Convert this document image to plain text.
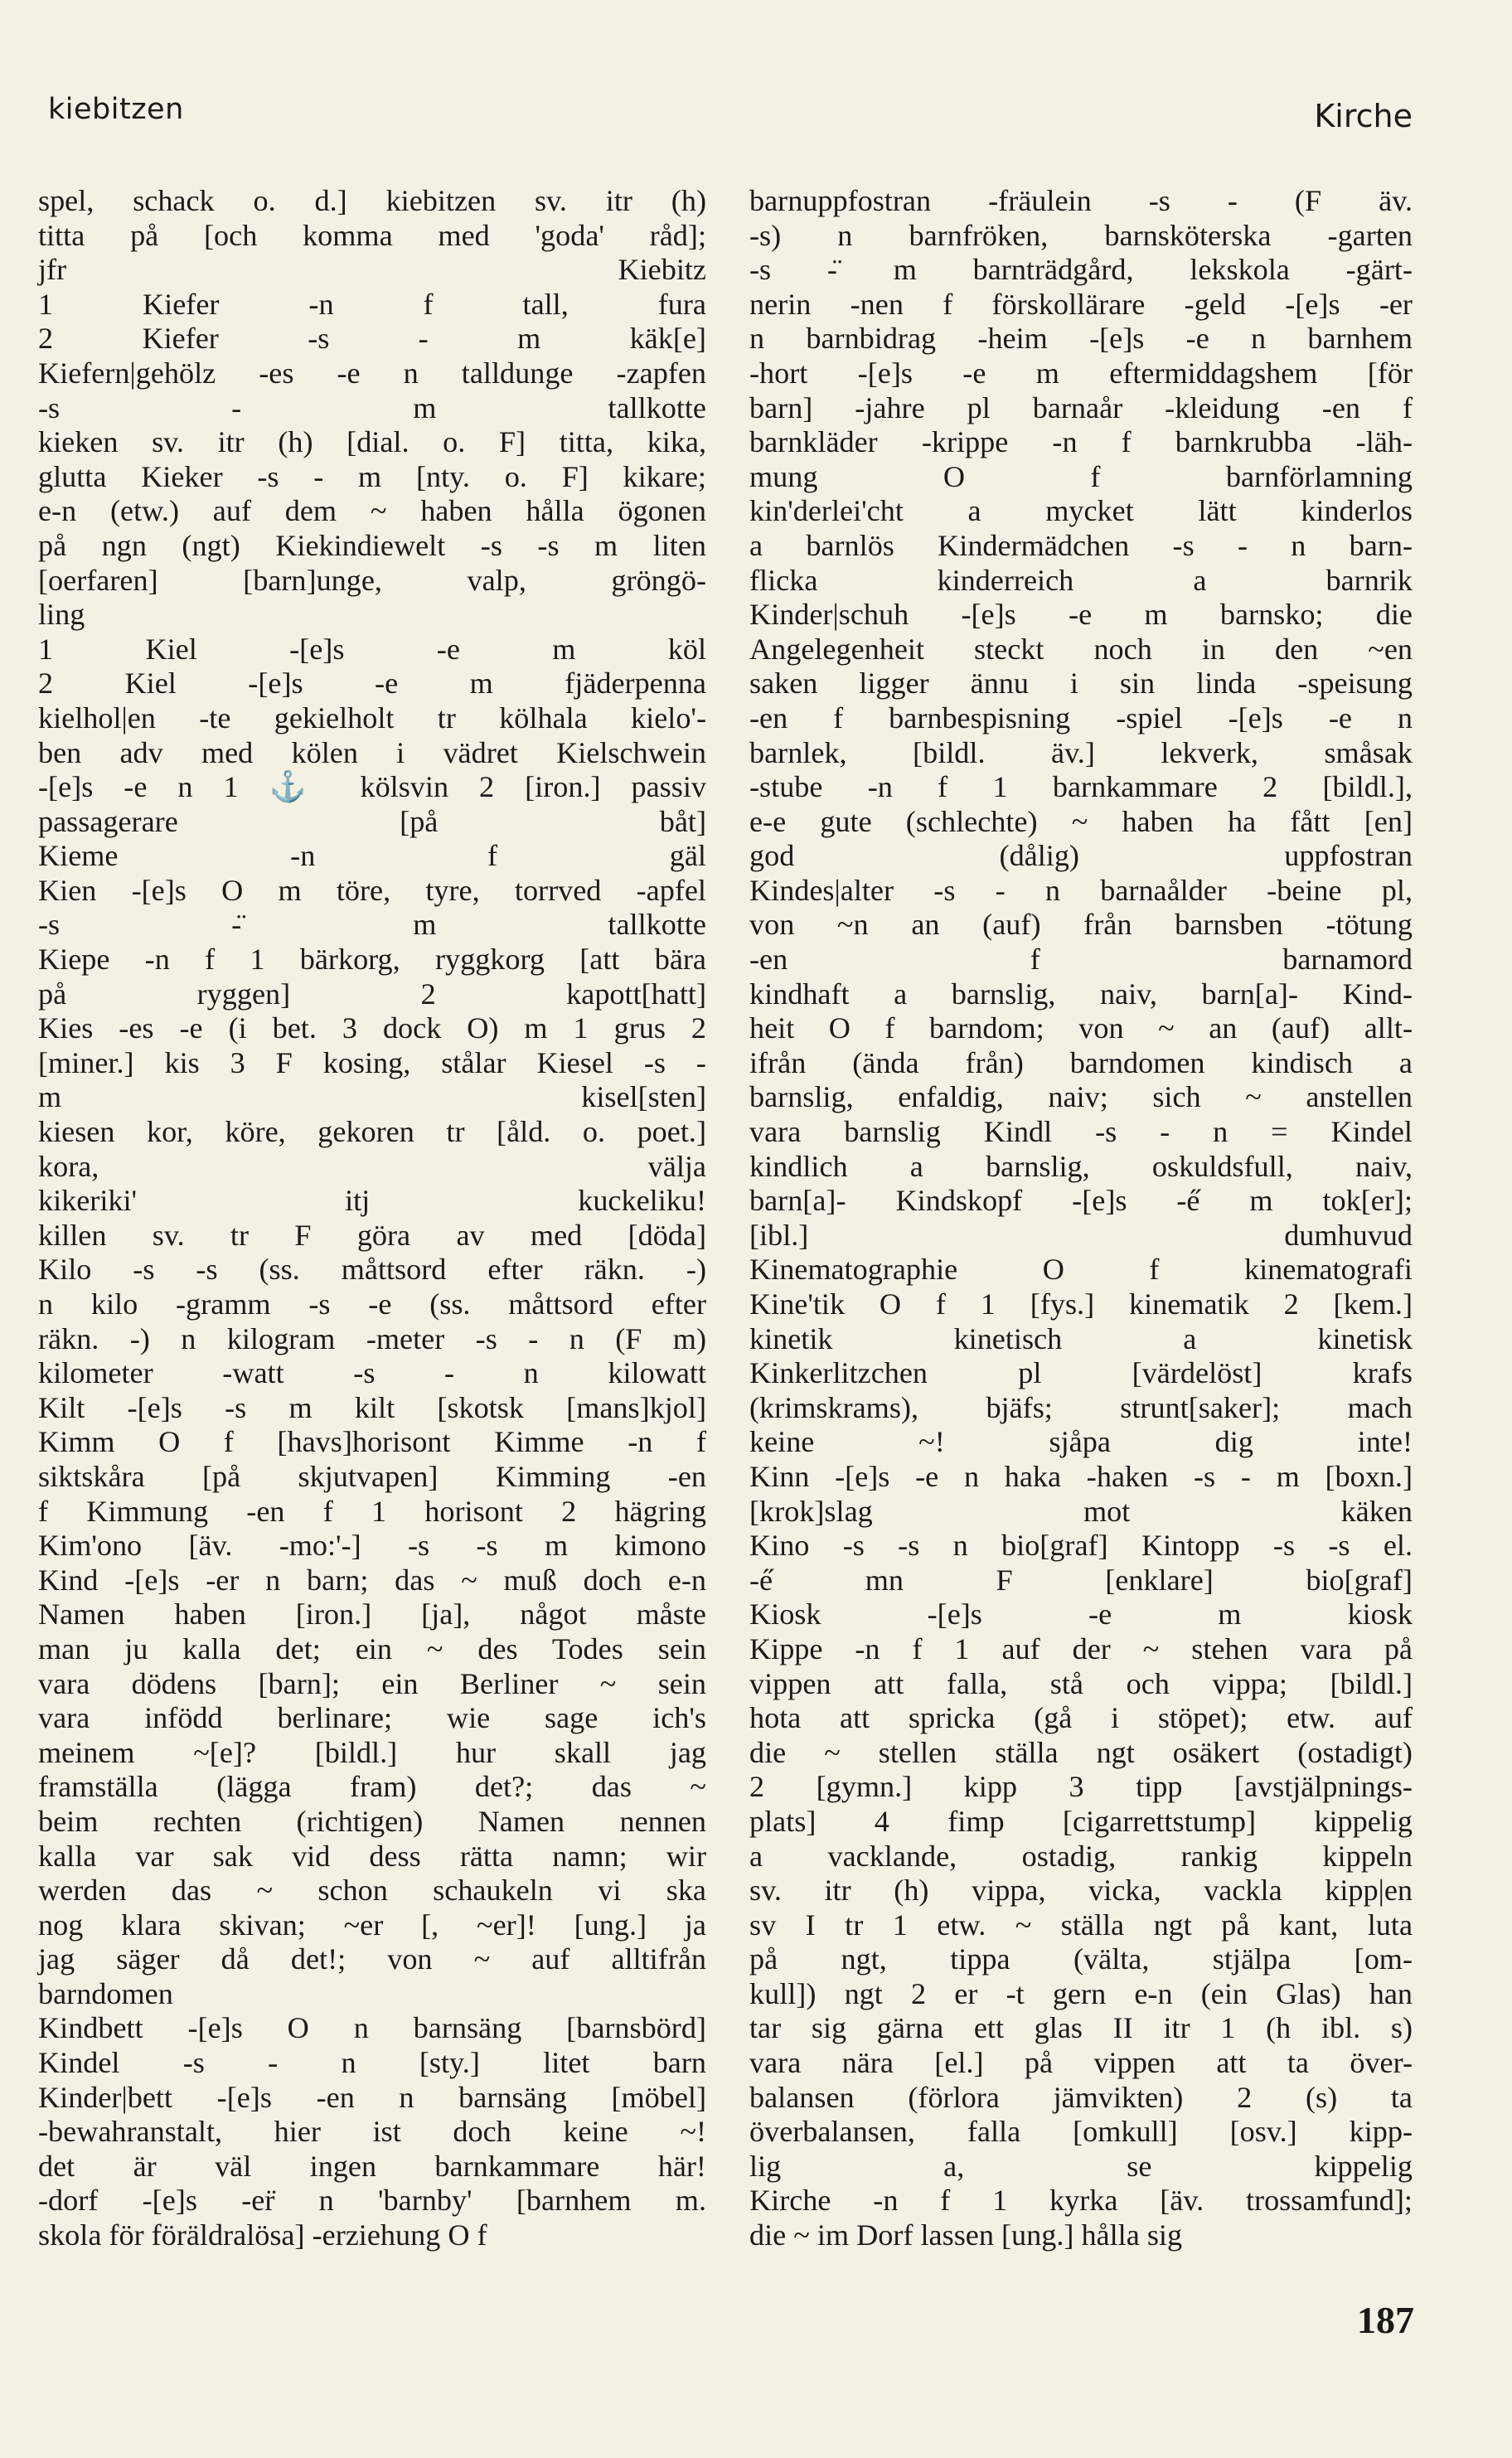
kiebitzen	Kirche
spel, schack o. d.] kiebitzen sv. itr (h)
titta på [och komma med 'goda' råd];
jfr Kiebitz
1 Kiefer -n f tall, fura
2 Kiefer -s - m käk[e]
Kiefern|gehölz -es -e n talldunge -zapfen
-s - m tallkotte
kieken sv. itr (h) [dial. o. F] titta, kika,
glutta Kieker -s - m [nty. o. F] kikare;
e-n (etw.) auf dem ~ haben hålla ögonen
på ngn (ngt) Kiekindiewelt -s -s m liten
[oerfaren] [barn]unge, valp, gröngö-
ling
1 Kiel -[e]s -e m köl
2 Kiel -[e]s -e m fjäderpenna
kielhol|en -te gekielholt tr kölhala kielo'-
ben adv med kölen i vädret Kielschwein
-[e]s -e n 1 ⚓ kölsvin 2 [iron.] passiv
passagerare [på båt]
Kieme -n f gäl
Kien -[e]s O m töre, tyre, torrved -apfel
-s -̈ m tallkotte
Kiepe -n f 1 bärkorg, ryggkorg [att bära
på ryggen] 2 kapott[hatt]
Kies -es -e (i bet. 3 dock O) m 1 grus 2
[miner.] kis 3 F kosing, stålar Kiesel -s -
m kisel[sten]
kiesen kor, köre, gekoren tr [åld. o. poet.]
kora, välja
kikeriki' itj kuckeliku!
killen sv. tr F göra av med [döda]
Kilo -s -s (ss. måttsord efter räkn. -)
n kilo -gramm -s -e (ss. måttsord efter
räkn. -) n kilogram -meter -s - n (F m)
kilometer -watt -s - n kilowatt
Kilt -[e]s -s m kilt [skotsk [mans]kjol]
Kimm O f [havs]horisont Kimme -n f
siktskåra [på skjutvapen] Kimming -en
f Kimmung -en f 1 horisont 2 hägring
Kim'ono [äv. -mo:'-] -s -s m kimono
Kind -[e]s -er n barn; das ~ muß doch e-n
Namen haben [iron.] [ja], något måste
man ju kalla det; ein ~ des Todes sein
vara dödens [barn]; ein Berliner ~ sein
vara infödd berlinare; wie sage ich's
meinem ~[e]? [bildl.] hur skall jag
framställa (lägga fram) det?; das ~
beim rechten (richtigen) Namen nennen
kalla var sak vid dess rätta namn; wir
werden das ~ schon schaukeln vi ska
nog klara skivan; ~er [, ~er]! [ung.] ja
jag säger då det!; von ~ auf alltifrån
barndomen
Kindbett -[e]s O n barnsäng [barnsbörd]
Kindel -s - n [sty.] litet barn
Kinder|bett -[e]s -en n barnsäng [möbel]
-bewahranstalt, hier ist doch keine ~!
det är väl ingen barnkammare här!
-dorf -[e]s -er̈ n 'barnby' [barnhem m.
skola för föräldralösa] -erziehung O f
barnuppfostran -fräulein -s - (F äv.
-s) n barnfröken, barnsköterska -garten
-s -̈ m barnträdgård, lekskola -gärt-
nerin -nen f förskollärare -geld -[e]s -er
n barnbidrag -heim -[e]s -e n barnhem
-hort -[e]s -e m eftermiddagshem [för
barn] -jahre pl barnaår -kleidung -en f
barnkläder -krippe -n f barnkrubba -läh-
mung O f barnförlamning
kin'derlei'cht a mycket lätt kinderlos
a barnlös Kindermädchen -s - n barn-
flicka kinderreich a barnrik
Kinder|schuh -[e]s -e m barnsko; die
Angelegenheit steckt noch in den ~en
saken ligger ännu i sin linda -speisung
-en f barnbespisning -spiel -[e]s -e n
barnlek, [bildl. äv.] lekverk, småsak
-stube -n f 1 barnkammare 2 [bildl.],
e-e gute (schlechte) ~ haben ha fått [en]
god (dålig) uppfostran
Kindes|alter -s - n barnaålder -beine pl,
von ~n an (auf) från barnsben -tötung
-en f barnamord
kindhaft a barnslig, naiv, barn[a]- Kind-
heit O f barndom; von ~ an (auf) allt-
ifrån (ända från) barndomen kindisch a
barnslig, enfaldig, naiv; sich ~ anstellen
vara barnslig Kindl -s - n = Kindel
kindlich a barnslig, oskuldsfull, naiv,
barn[a]- Kindskopf -[e]s -e̋ m tok[er];
[ibl.] dumhuvud
Kinematographie O f kinematografi
Kine'tik O f 1 [fys.] kinematik 2 [kem.]
kinetik kinetisch a kinetisk
Kinkerlitzchen pl [värdelöst] krafs
(krimskrams), bjäfs; strunt[saker]; mach
keine ~! sjåpa dig inte!
Kinn -[e]s -e n haka -haken -s - m [boxn.]
[krok]slag mot käken
Kino -s -s n bio[graf] Kintopp -s -s el.
-e̋ mn F [enklare] bio[graf]
Kiosk -[e]s -e m kiosk
Kippe -n f 1 auf der ~ stehen vara på
vippen att falla, stå och vippa; [bildl.]
hota att spricka (gå i stöpet); etw. auf
die ~ stellen ställa ngt osäkert (ostadigt)
2 [gymn.] kipp 3 tipp [avstjälpnings-
plats] 4 fimp [cigarrettstump] kippelig
a vacklande, ostadig, rankig kippeln
sv. itr (h) vippa, vicka, vackla kipp|en
sv I tr 1 etw. ~ ställa ngt på kant, luta
på ngt, tippa (välta, stjälpa [om-
kull]) ngt 2 er -t gern e-n (ein Glas) han
tar sig gärna ett glas II itr 1 (h ibl. s)
vara nära [el.] på vippen att ta över-
balansen (förlora jämvikten) 2 (s) ta
överbalansen, falla [omkull] [osv.] kipp-
lig a, se kippelig
Kirche -n f 1 kyrka [äv. trossamfund];
die ~ im Dorf lassen [ung.] hålla sig
187
